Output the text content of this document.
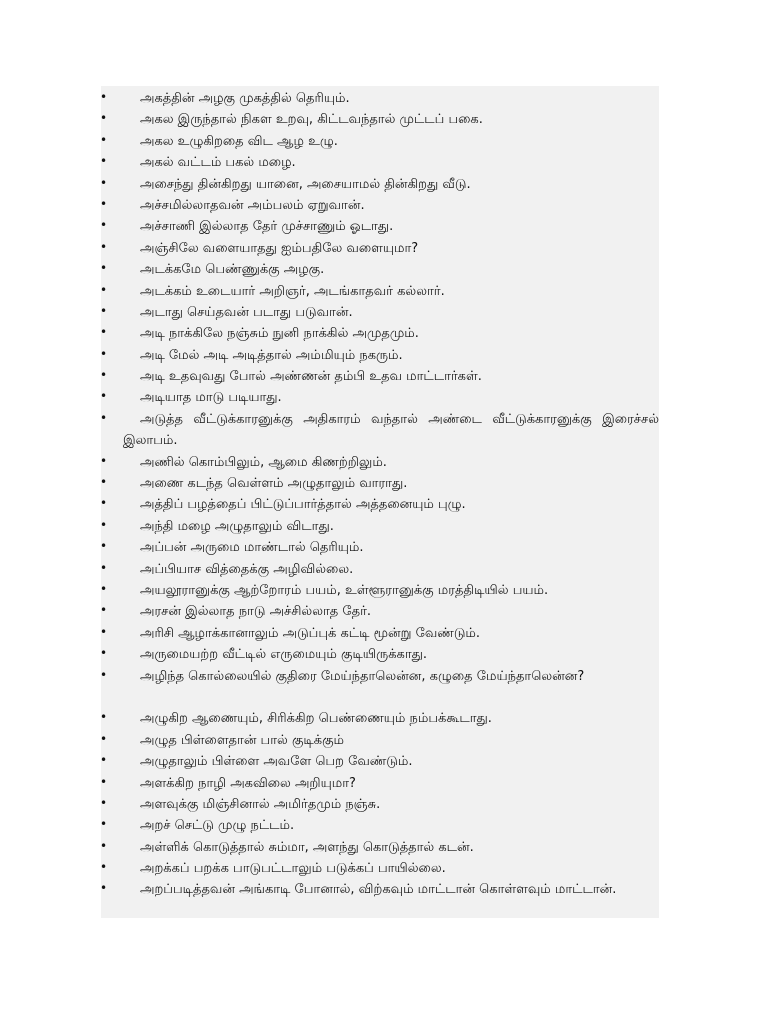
•	அகத்தின் அழகு முகத்தில் தெரியும்.
•	அகல இருந்தால் நிகள உறவு, கிட்டவந்தால் முட்டப் பகை.
•	அகல உழுகிறதை விட ஆழ உழு.
•	அகல் வட்டம் பகல் மழை.
•	அசைந்து தின்கிறது யானை, அசையாமல் தின்கிறது வீடு.
•	அச்சமில்லாதவன் அம்பலம் ஏறுவான்.
•	அச்சாணி இல்லாத தேர் முச்சாணும் ஓடாது.
•	அஞ்சிலே வளையாதது ஐம்பதிலே வளையுமா?
•	அடக்கமே பெண்ணுக்கு அழகு.
•	அடக்கம் உடையார் அறிஞர், அடங்காதவர் கல்லார்.
•	அடாது செய்தவன் படாது படுவான்.
•	அடி நாக்கிலே நஞ்சும் நுனி நாக்கில் அமுதமும்.
•	அடி மேல் அடி அடித்தால் அம்மியும் நகரும்.
•	அடி உதவுவது போல் அண்ணன் தம்பி உதவ மாட்டார்கள்.
•	அடியாத மாடு படியாது.
•	அடுத்த வீட்டுக்காரனுக்கு அதிகாரம் வந்தால் அண்டை வீட்டுக்காரனுக்கு இரைச்சல் இலாபம்.
•	அணில் கொம்பிலும், ஆமை கிணற்றிலும்.
•	அணை கடந்த வெள்ளம் அழுதாலும் வாராது.
•	அத்திப் பழத்தைப் பிட்டுப்பார்த்தால் அத்தனையும் புழு.
•	அந்தி மழை அழுதாலும் விடாது.
•	அப்பன் அருமை மாண்டால் தெரியும்.
•	அப்பியாச வித்தைக்கு அழிவில்லை.
•	அயலூரானுக்கு ஆற்றோரம் பயம், உள்ளூரானுக்கு மரத்திடியில் பயம்.
•	அரசன் இல்லாத நாடு அச்சில்லாத தேர்.
•	அரிசி ஆழாக்கானாலும் அடுப்புக் கட்டி மூன்று வேண்டும்.
•	அருமையற்ற வீட்டில் எருமையும் குடியிருக்காது.
•	அழிந்த கொல்லையில் குதிரை மேய்ந்தாலென்ன, கழுதை மேய்ந்தாலென்ன?
•	அழுகிற ஆணையும், சிரிக்கிற பெண்ணையும் நம்பக்கூடாது.
•	அழுத பிள்ளைதான் பால் குடிக்கும்
•	அழுதாலும் பிள்ளை அவளே பெற வேண்டும்.
•	அளக்கிற நாழி அகவிலை அறியுமா?
•	அளவுக்கு மிஞ்சினால் அமிர்தமும் நஞ்சு.
•	அறச் செட்டு முழு நட்டம்.
•	அள்ளிக் கொடுத்தால் சும்மா, அளந்து கொடுத்தால் கடன்.
•	அறக்கப் பறக்க பாடுபட்டாலும் படுக்கப் பாயில்லை.
•	அறப்படித்தவன் அங்காடி போனால், விற்கவும் மாட்டான் கொள்ளவும் மாட்டான்.
